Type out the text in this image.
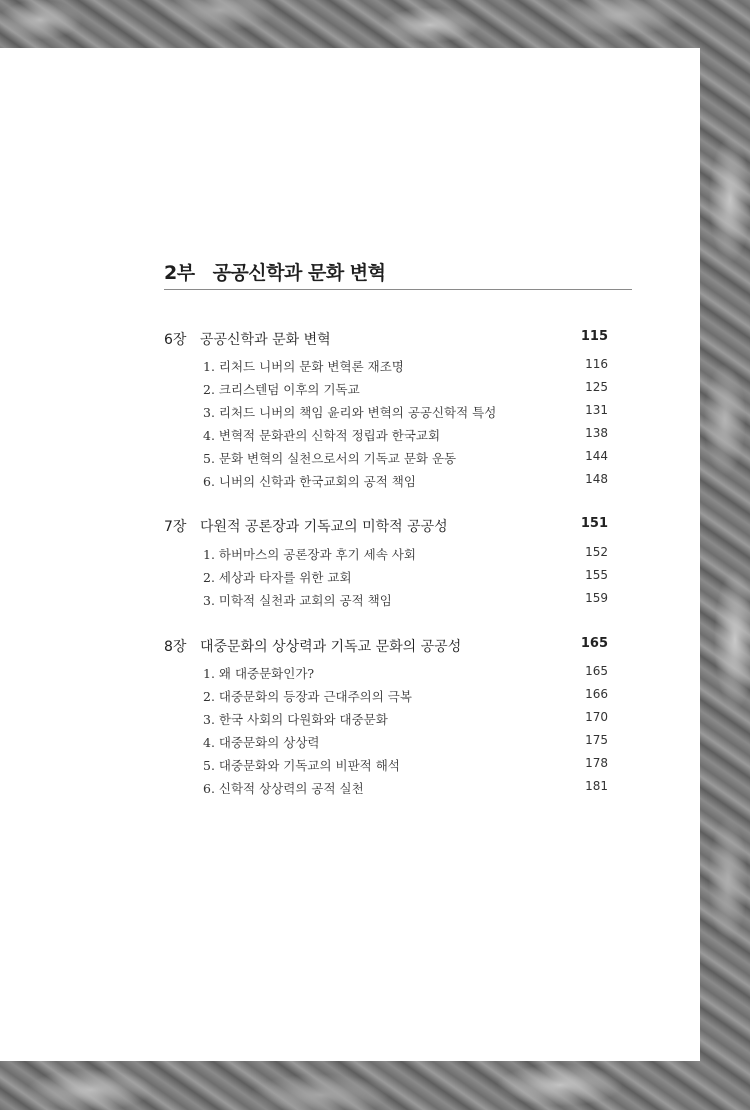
2부 공공신학과 문화 변혁
6장 공공신학과 문화 변혁	115
1. 리처드 니버의 문화 변혁론 재조명	116
2. 크리스텐덤 이후의 기독교	125
3. 리처드 니버의 책임 윤리와 변혁의 공공신학적 특성	131
4. 변혁적 문화관의 신학적 정립과 한국교회	138
5. 문화 변혁의 실천으로서의 기독교 문화 운동	144
6. 니버의 신학과 한국교회의 공적 책임	148
7장 다원적 공론장과 기독교의 미학적 공공성	151
1. 하버마스의 공론장과 후기 세속 사회	152
2. 세상과 타자를 위한 교회	155
3. 미학적 실천과 교회의 공적 책임	159
8장 대중문화의 상상력과 기독교 문화의 공공성	165
1. 왜 대중문화인가?	165
2. 대중문화의 등장과 근대주의의 극복	166
3. 한국 사회의 다원화와 대중문화	170
4. 대중문화의 상상력	175
5. 대중문화와 기독교의 비판적 해석	178
6. 신학적 상상력의 공적 실천	181
